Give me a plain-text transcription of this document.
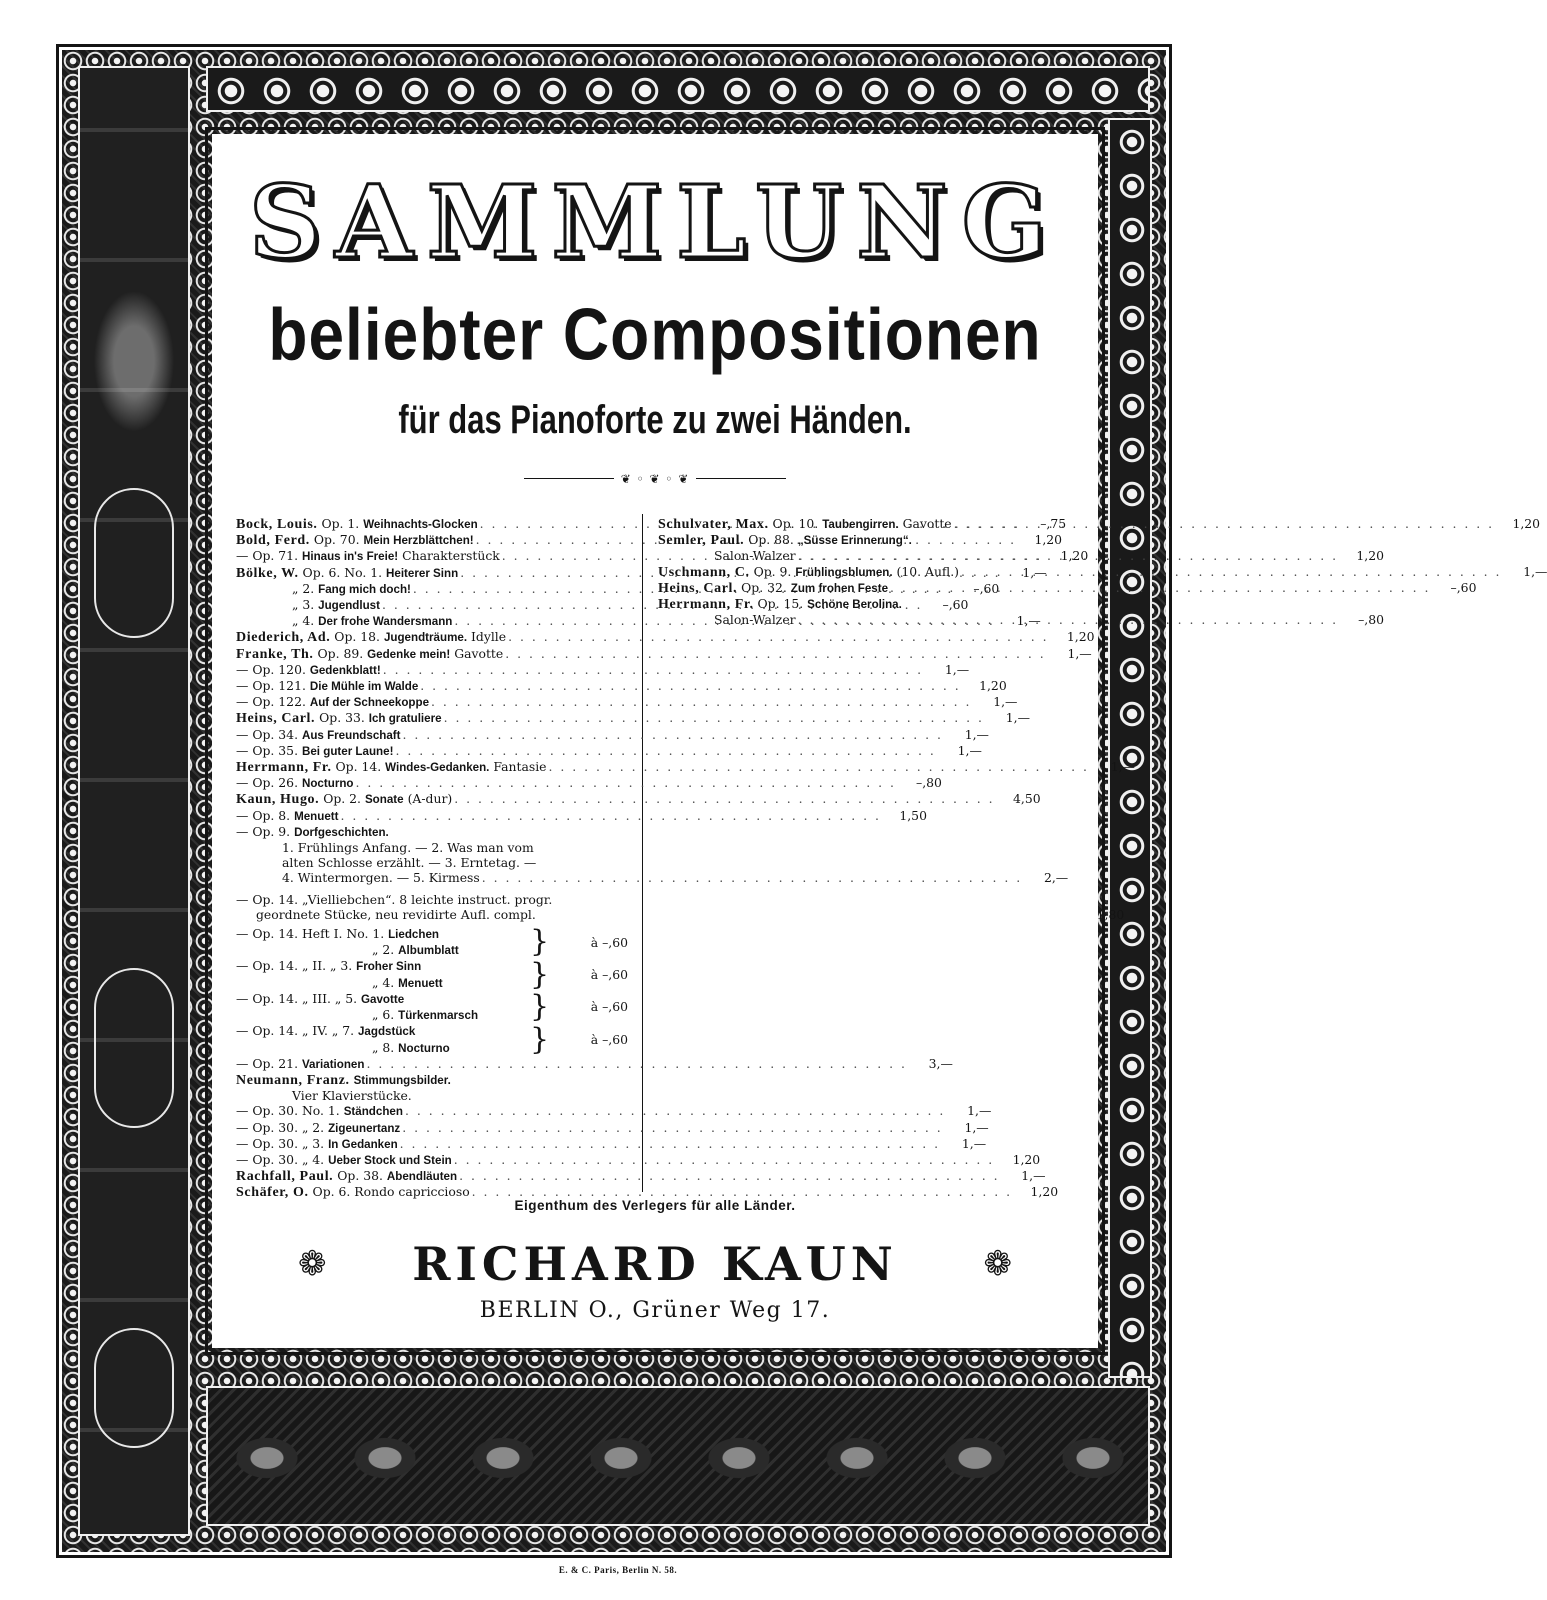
SAMMLUNG
beliebter Compositionen
für das Pianoforte zu zwei Händen.
❦ ◦ ❦ ◦ ❦
Bock, Louis. Op. 1. Weihnachts-Glocken . . .	–,75
Bold, Ferd. Op. 70. Mein Herzblättchen! . . .	1,20
— Op. 71. Hinaus in's Freie! Charakterstück . . .	1,20
Bölke, W. Op. 6. No. 1. Heiterer Sinn . . .	1,—
„ 2. Fang mich doch! . . .	–,60
„ 3. Jugendlust . . .	–,60
„ 4. Der frohe Wandersmann . . .	1,—
Diederich, Ad. Op. 18. Jugendträume. Idylle . . .	1,20
Franke, Th. Op. 89. Gedenke mein! Gavotte . . .	1,—
— Op. 120. Gedenkblatt! . . .	1,—
— Op. 121. Die Mühle im Walde . . .	1,20
— Op. 122. Auf der Schneekoppe . . .	1,—
Heins, Carl. Op. 33. Ich gratuliere . . .	1,—
— Op. 34. Aus Freundschaft . . .	1,—
— Op. 35. Bei guter Laune! . . .	1,—
Herrmann, Fr. Op. 14. Windes-Gedanken. Fantasie . . .	1,—
— Op. 26. Nocturno . . .	–,80
Kaun, Hugo. Op. 2. Sonate (A-dur) . . .	4,50
— Op. 8. Menuett . . .	1,50
— Op. 9. Dorfgeschichten.
1. Frühlings Anfang. — 2. Was man vom
alten Schlosse erzählt. — 3. Erntetag. —
4. Wintermorgen. — 5. Kirmess . . .	2,—
— Op. 14. „Vielliebchen“. 8 leichte instruct. progr.
geordnete Stücke, neu revidirte Aufl. compl.	1,80
— Op. 14. Heft I. No. 1. Liedchen
„ 2. Albumblatt	}	à –,60
— Op. 14. „ II. „ 3. Froher Sinn
„ 4. Menuett	}	à –,60
— Op. 14. „ III. „ 5. Gavotte
„ 6. Türkenmarsch	}	à –,60
— Op. 14. „ IV. „ 7. Jagdstück
„ 8. Nocturno	}	à –,60
— Op. 21. Variationen . . .	3,—
Neumann, Franz. Stimmungsbilder.
Vier Klavierstücke.
— Op. 30. No. 1. Ständchen . . .	1,—
— Op. 30. „ 2. Zigeunertanz . . .	1,—
— Op. 30. „ 3. In Gedanken . . .	1,—
— Op. 30. „ 4. Ueber Stock und Stein . . .	1,20
Rachfall, Paul. Op. 38. Abendläuten . . .	1,—
Schäfer, O. Op. 6. Rondo capriccioso . . .	1,20
Schulvater, Max. Op. 10. Taubengirren. Gavotte . . .	1,20
Semler, Paul. Op. 88. „Süsse Erinnerung“.
Salon-Walzer . . .	1,20
Uschmann, C. Op. 9. Frühlingsblumen. (10. Aufl.) . . .	1,—
Heins, Carl. Op. 32. Zum frohen Feste . . .	–,60
Herrmann, Fr. Op. 15. Schöne Berolina.
Salon-Walzer . . .	–,80
Eigenthum des Verlegers für alle Länder.
❁	RICHARD KAUN	❁
BERLIN O., Grüner Weg 17.
E. & C. Paris, Berlin N. 58.
